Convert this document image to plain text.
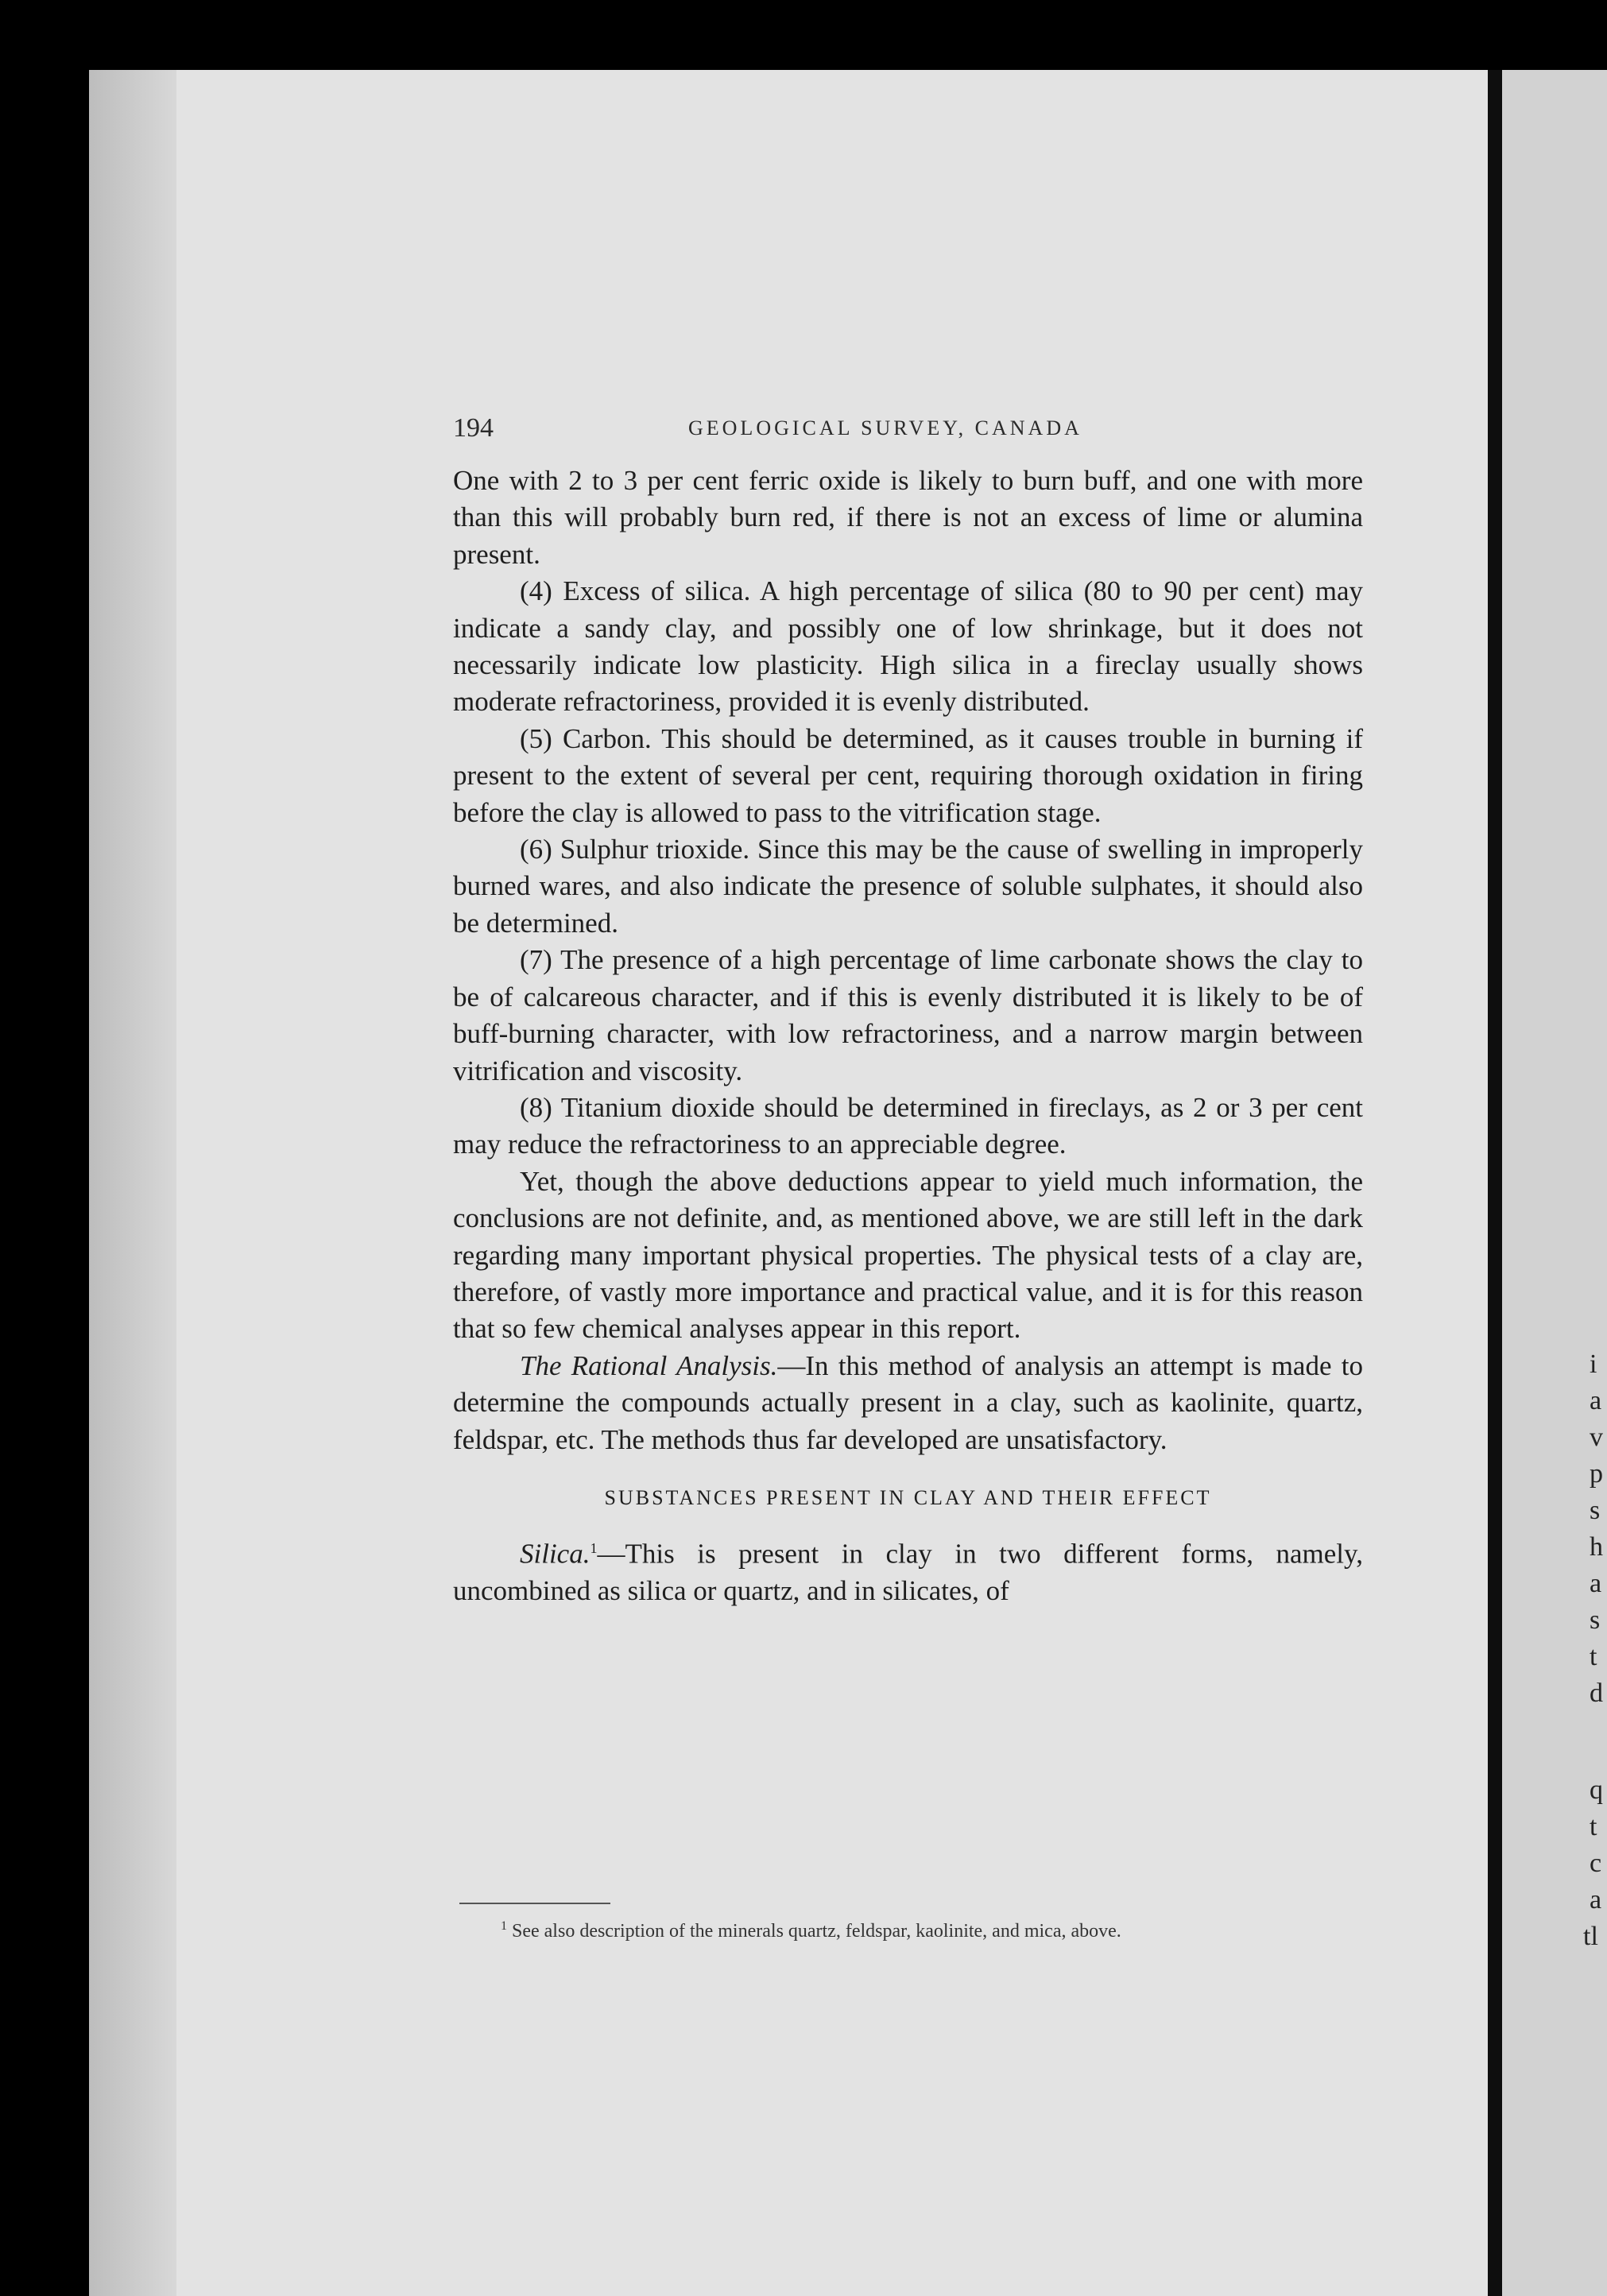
i
a
v
p
s
h
a
s
t
d
q
t
c
a
tl
194	GEOLOGICAL SURVEY, CANADA

One with 2 to 3 per cent ferric oxide is likely to burn buff, and one with more than this will probably burn red, if there is not an excess of lime or alumina present.

(4) Excess of silica. A high percentage of silica (80 to 90 per cent) may indicate a sandy clay, and possibly one of low shrinkage, but it does not necessarily indicate low plasticity. High silica in a fireclay usually shows moderate refractoriness, provided it is evenly distributed.

(5) Carbon. This should be determined, as it causes trouble in burning if present to the extent of several per cent, requiring thorough oxidation in firing before the clay is allowed to pass to the vitrification stage.

(6) Sulphur trioxide. Since this may be the cause of swelling in improperly burned wares, and also indicate the presence of soluble sulphates, it should also be determined.

(7) The presence of a high percentage of lime carbonate shows the clay to be of calcareous character, and if this is evenly distributed it is likely to be of buff-burning character, with low refractoriness, and a narrow margin between vitrification and viscosity.

(8) Titanium dioxide should be determined in fireclays, as 2 or 3 per cent may reduce the refractoriness to an appreciable degree.

Yet, though the above deductions appear to yield much information, the conclusions are not definite, and, as mentioned above, we are still left in the dark regarding many important physical properties. The physical tests of a clay are, therefore, of vastly more importance and practical value, and it is for this reason that so few chemical analyses appear in this report.

The Rational Analysis.—In this method of analysis an attempt is made to determine the compounds actually present in a clay, such as kaolinite, quartz, feldspar, etc. The methods thus far developed are unsatisfactory.

SUBSTANCES PRESENT IN CLAY AND THEIR EFFECT

Silica.$^1$—This is present in clay in two different forms, namely, uncombined as silica or quartz, and in silicates, of

$^1$ See also description of the minerals quartz, feldspar, kaolinite, and mica, above.
